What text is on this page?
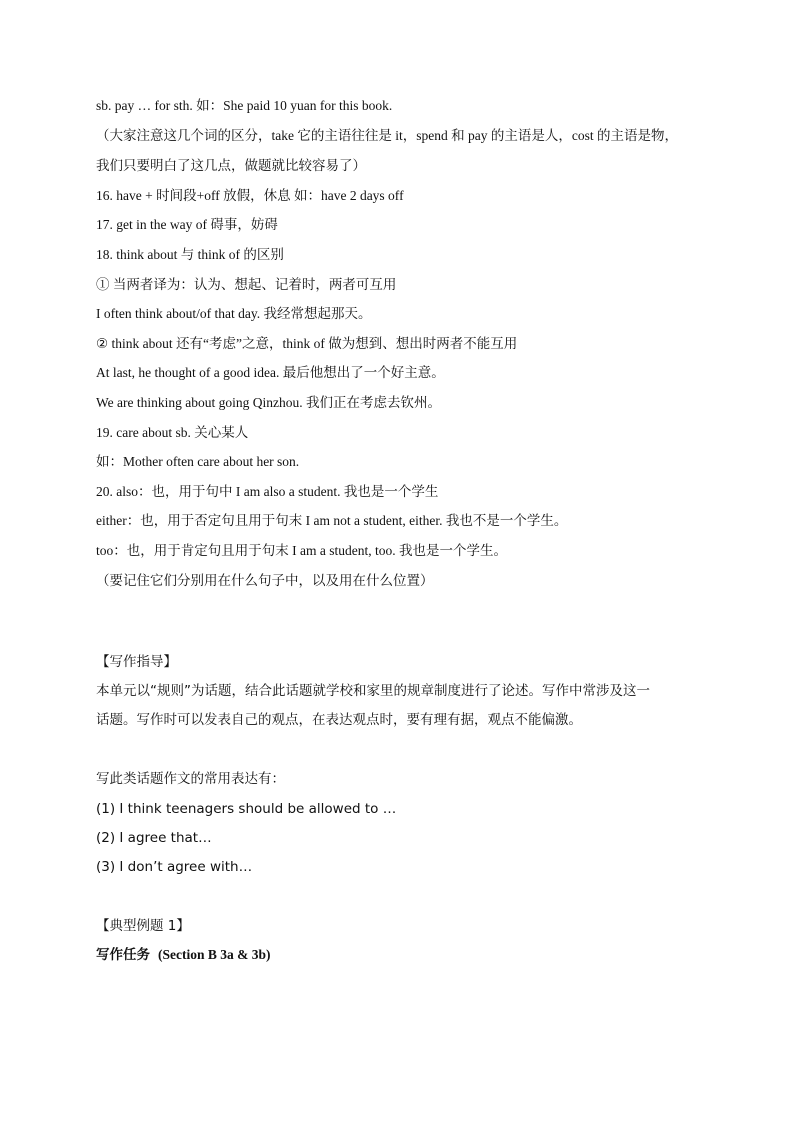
sb. pay … for sth. 如：She paid 10 yuan for this book.
（大家注意这几个词的区分，take 它的主语往往是 it，spend 和 pay 的主语是人，cost 的主语是物，
我们只要明白了这几点，做题就比较容易了）
16. have + 时间段+off 放假，休息 如：have 2 days off
17. get in the way of 碍事，妨碍
18. think about 与 think of 的区别
① 当两者译为：认为、想起、记着时，两者可互用
I often think about/of that day. 我经常想起那天。
② think about 还有“考虑”之意，think of 做为想到、想出时两者不能互用
At last, he thought of a good idea. 最后他想出了一个好主意。
We are thinking about going Qinzhou. 我们正在考虑去钦州。
19. care about sb. 关心某人
如：Mother often care about her son.
20. also：也，用于句中 I am also a student. 我也是一个学生
either：也，用于否定句且用于句末 I am not a student, either. 我也不是一个学生。
too：也，用于肯定句且用于句末 I am a student, too. 我也是一个学生。
（要记住它们分别用在什么句子中，以及用在什么位置）
【写作指导】
本单元以“规则”为话题，结合此话题就学校和家里的规章制度进行了论述。写作中常涉及这一
话题。写作时可以发表自己的观点，在表达观点时，要有理有据，观点不能偏激。
写此类话题作文的常用表达有：
(1) I think teenagers should be allowed to …
(2) I agree that…
(3) I don’t agree with…
【典型例题 1】
写作任务 (Section B 3a & 3b)
